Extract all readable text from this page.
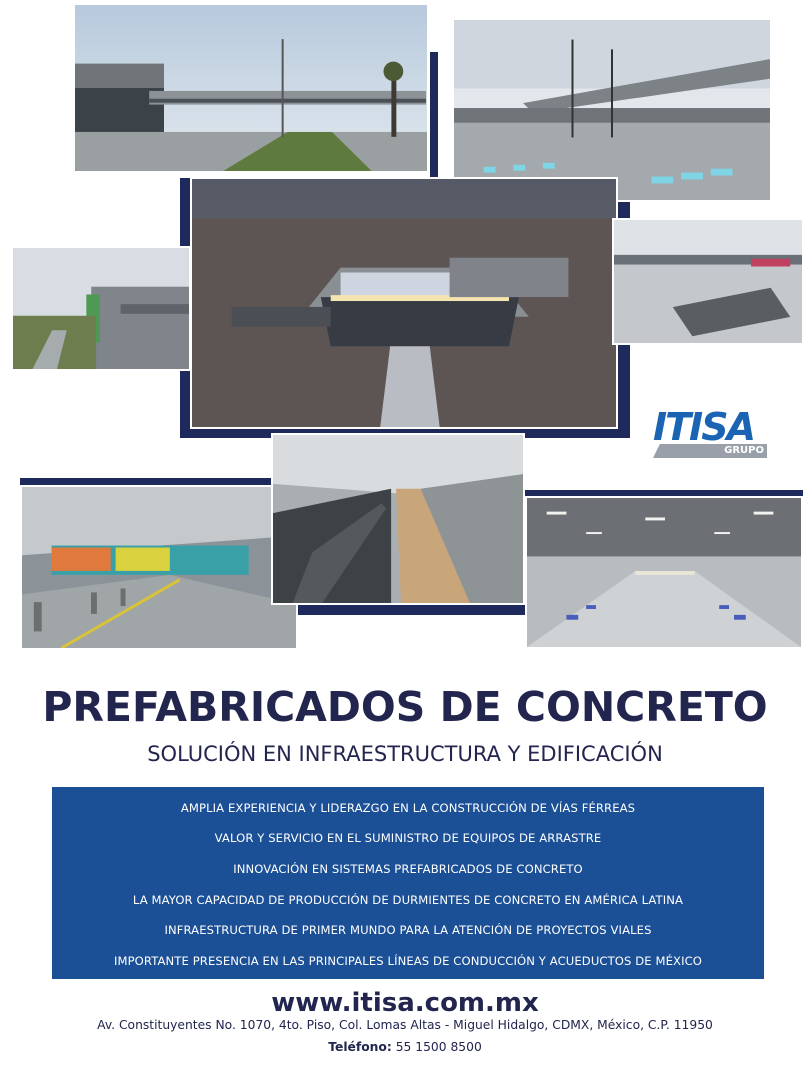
ITISA
GRUPO
PREFABRICADOS DE CONCRETO
SOLUCIÓN EN INFRAESTRUCTURA Y EDIFICACIÓN
AMPLIA EXPERIENCIA Y LIDERAZGO EN LA CONSTRUCCIÓN DE VÍAS FÉRREAS
VALOR Y SERVICIO EN EL SUMINISTRO DE EQUIPOS DE ARRASTRE
INNOVACIÓN EN SISTEMAS PREFABRICADOS DE CONCRETO
LA MAYOR CAPACIDAD DE PRODUCCIÓN DE DURMIENTES DE CONCRETO EN AMÉRICA LATINA
INFRAESTRUCTURA DE PRIMER MUNDO PARA LA ATENCIÓN DE PROYECTOS VIALES
IMPORTANTE PRESENCIA EN LAS PRINCIPALES LÍNEAS DE CONDUCCIÓN Y ACUEDUCTOS DE MÉXICO
www.itisa.com.mx
Av. Constituyentes No. 1070, 4to. Piso, Col. Lomas Altas - Miguel Hidalgo, CDMX, México, C.P. 11950
Teléfono: 55 1500 8500
